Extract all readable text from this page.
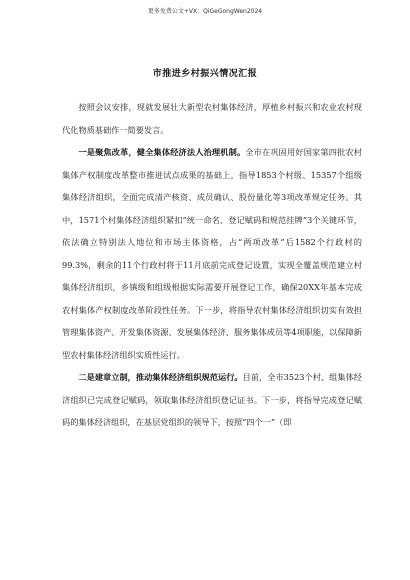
更多免费公文+VX：QiGeGongWen2024
市推进乡村振兴情况汇报

按照会议安排，现就发展壮大新型农村集体经济，厚植乡村振兴和农业农村现代化物质基础作一简要发言。

一是聚焦改革，健全集体经济法人治理机制。全市在巩固用好国家第四批农村集体产权制度改革整市推进试点成果的基础上，指导1853个村级、15357个组级集体经济组织，全面完成清产核资、成员确认、股份量化等3项改革规定任务。其中，1571个村集体经济组织紧扣“统一命名、登记赋码和规范挂牌”3个关键环节，依法确立特别法人地位和市场主体资格，占“两项改革”后1582个行政村的99.3%，剩余的11个行政村将于11月底前完成登记设置，实现全覆盖规范建立村集体经济组织，乡镇级和组级根据实际需要开展登记工作，确保20XX年基本完成农村集体产权制度改革阶段性任务。下一步，将指导农村集体经济组织切实有效担管理集体资产、开发集体资源、发展集体经济、服务集体成员等4项职能，以保障新型农村集体经济组织实质性运行。

二是建章立制，推动集体经济组织规范运行。目前，全市3523个村、组集体经济组织已完成登记赋码，领取集体经济组织登记证书。下一步，将指导完成登记赋码的集体经济组织，在基层党组织的领导下，按照“四个一”（即
